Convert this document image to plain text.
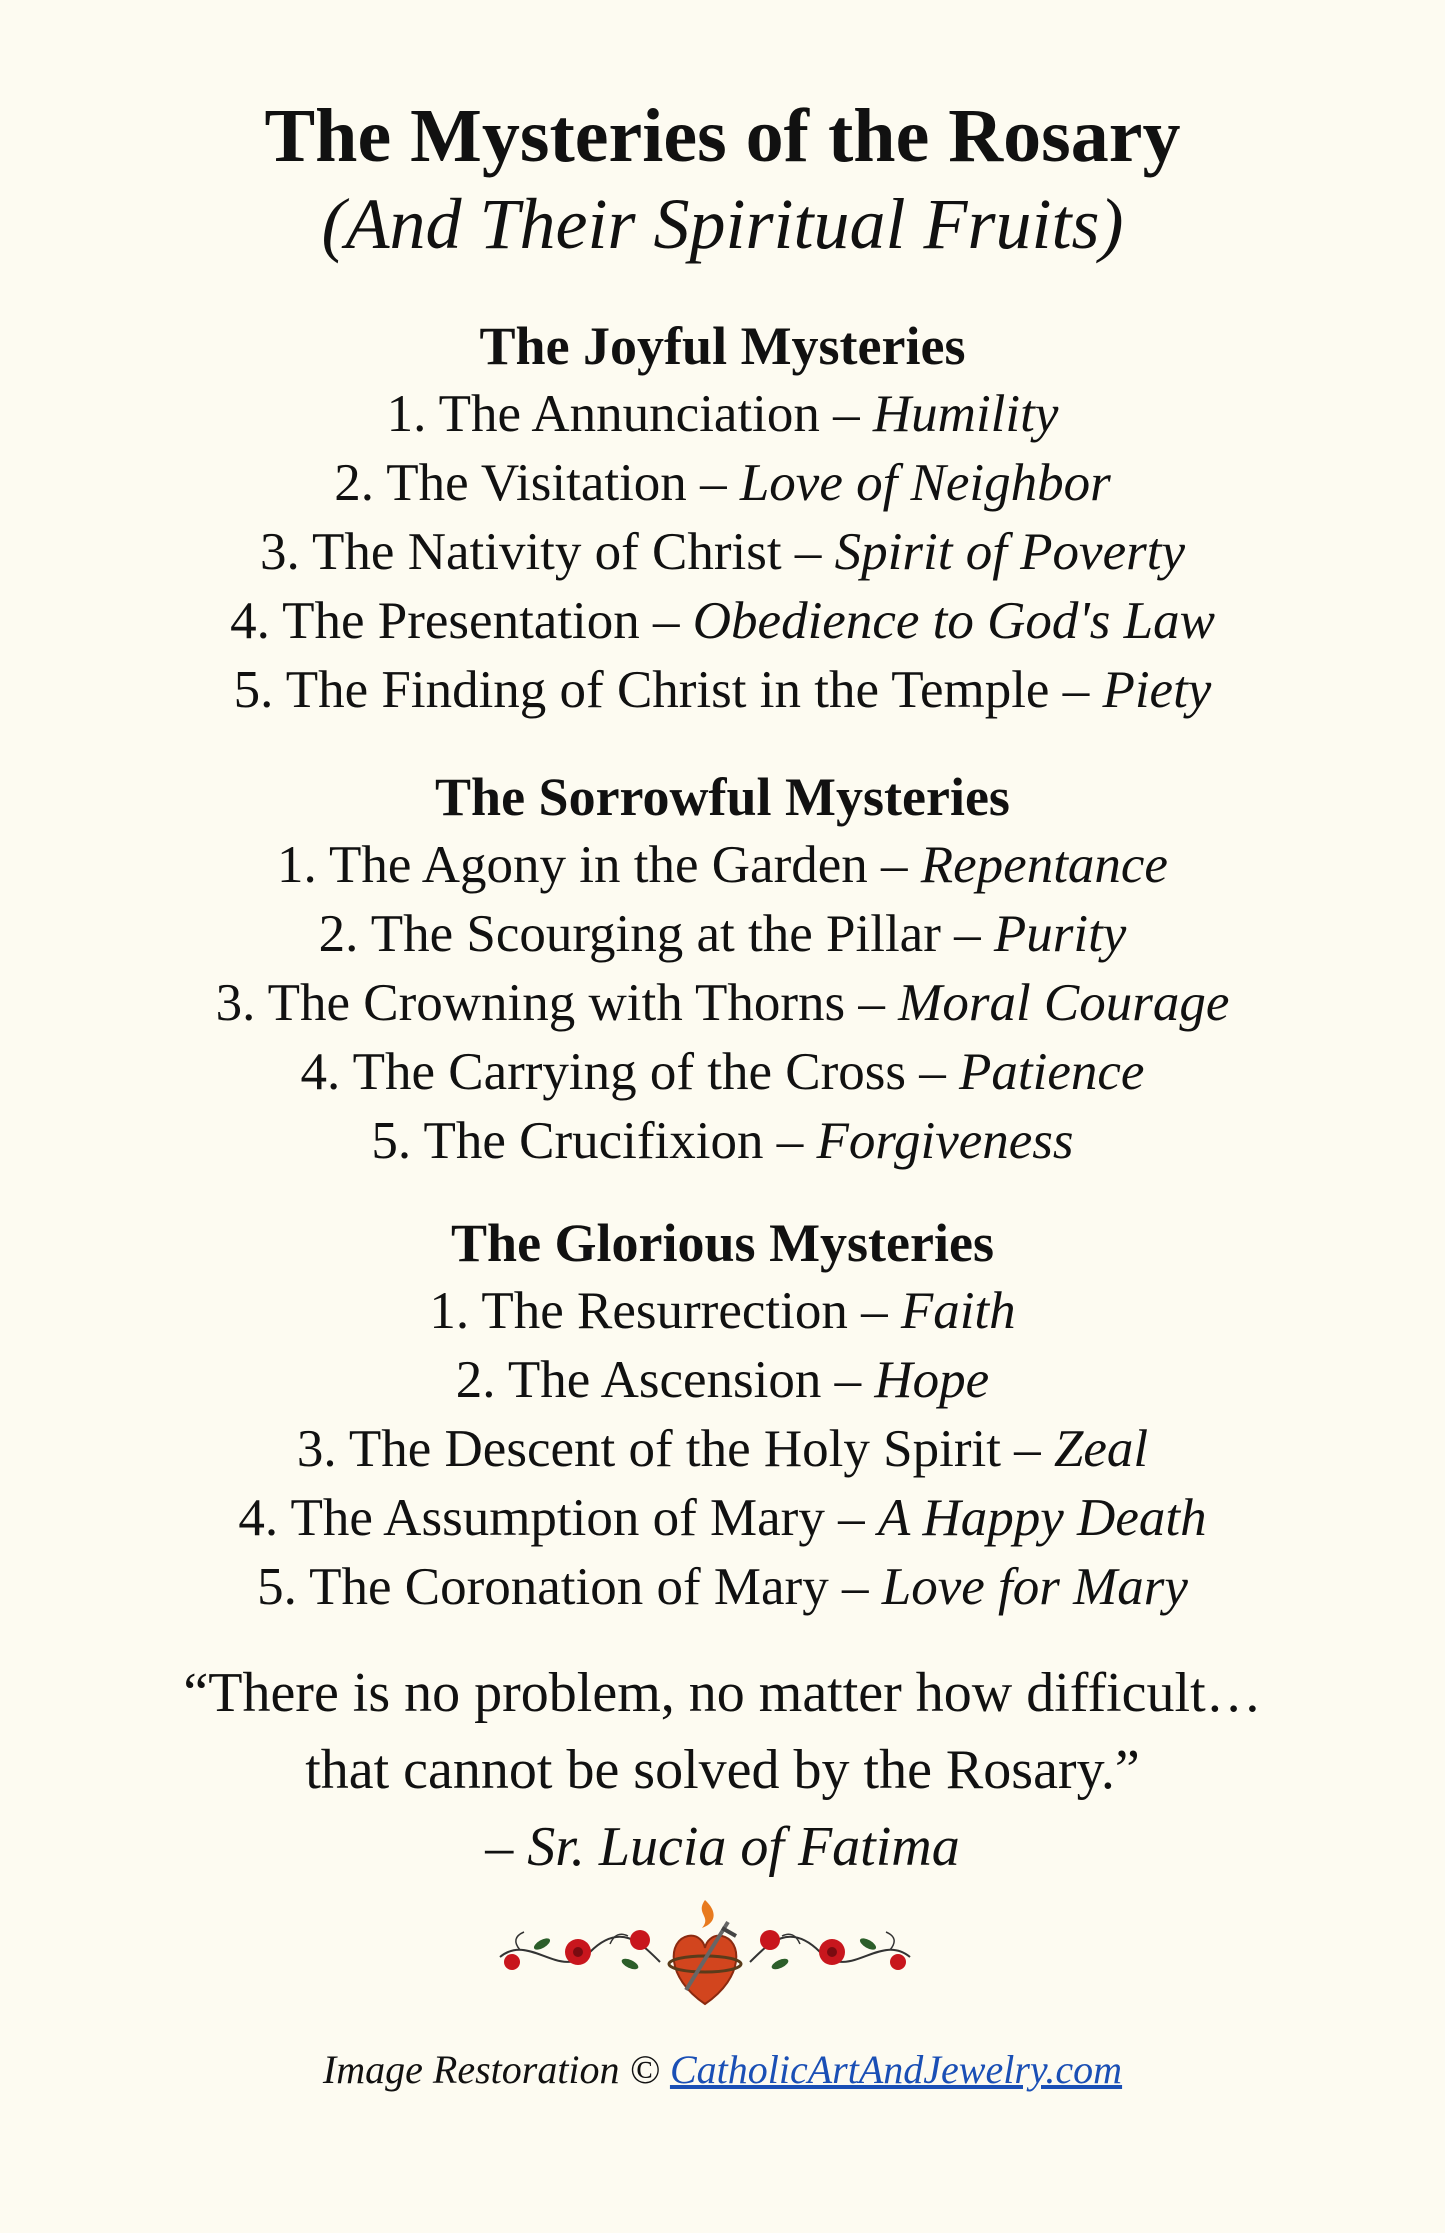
The Mysteries of the Rosary
(And Their Spiritual Fruits)
The Joyful Mysteries
1. The Annunciation – Humility
2. The Visitation – Love of Neighbor
3. The Nativity of Christ – Spirit of Poverty
4. The Presentation – Obedience to God's Law
5. The Finding of Christ in the Temple – Piety
The Sorrowful Mysteries
1. The Agony in the Garden – Repentance
2. The Scourging at the Pillar – Purity
3. The Crowning with Thorns – Moral Courage
4. The Carrying of the Cross – Patience
5. The Crucifixion – Forgiveness
The Glorious Mysteries
1. The Resurrection – Faith
2. The Ascension – Hope
3. The Descent of the Holy Spirit – Zeal
4. The Assumption of Mary – A Happy Death
5. The Coronation of Mary – Love for Mary
“There is no problem, no matter how difficult…
that cannot be solved by the Rosary.”
– Sr. Lucia of Fatima
Image Restoration © CatholicArtAndJewelry.com
